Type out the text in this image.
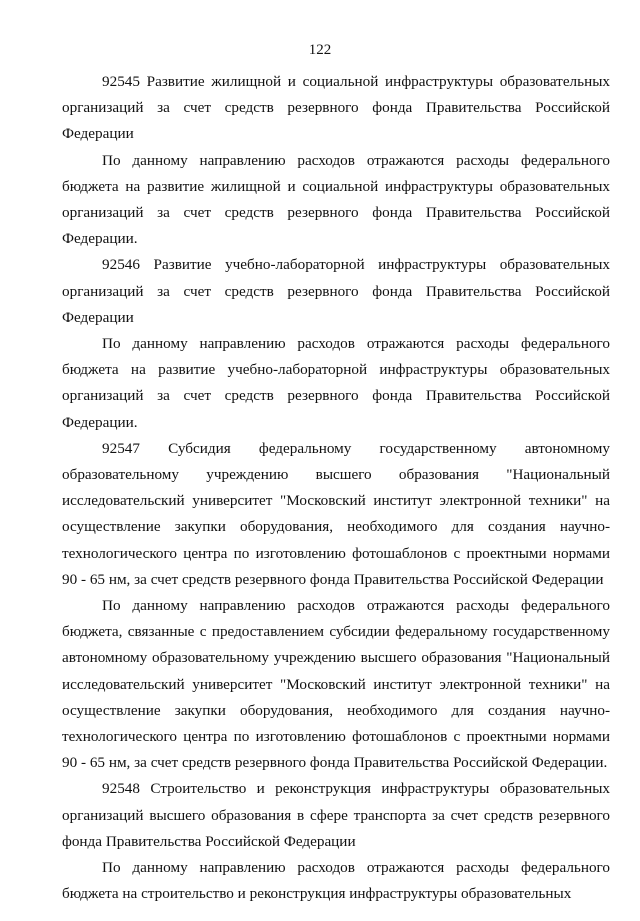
122

92545 Развитие жилищной и социальной инфраструктуры образовательных организаций за счет средств резервного фонда Правительства Российской Федерации

По данному направлению расходов отражаются расходы федерального бюджета на развитие жилищной и социальной инфраструктуры образовательных организаций за счет средств резервного фонда Правительства Российской Федерации.

92546 Развитие учебно-лабораторной инфраструктуры образовательных организаций за счет средств резервного фонда Правительства Российской Федерации

По данному направлению расходов отражаются расходы федерального бюджета на развитие учебно-лабораторной инфраструктуры образовательных организаций за счет средств резервного фонда Правительства Российской Федерации.

92547 Субсидия федеральному государственному автономному образовательному учреждению высшего образования "Национальный исследовательский университет "Московский институт электронной техники" на осуществление закупки оборудования, необходимого для создания научно-технологического центра по изготовлению фотошаблонов с проектными нормами 90 - 65 нм, за счет средств резервного фонда Правительства Российской Федерации

По данному направлению расходов отражаются расходы федерального бюджета, связанные с предоставлением субсидии федеральному государственному автономному образовательному учреждению высшего образования "Национальный исследовательский университет "Московский институт электронной техники" на осуществление закупки оборудования, необходимого для создания научно-технологического центра по изготовлению фотошаблонов с проектными нормами 90 - 65 нм, за счет средств резервного фонда Правительства Российской Федерации.

92548 Строительство и реконструкция инфраструктуры образовательных организаций высшего образования в сфере транспорта за счет средств резервного фонда Правительства Российской Федерации

По данному направлению расходов отражаются расходы федерального бюджета на строительство и реконструкция инфраструктуры образовательных
